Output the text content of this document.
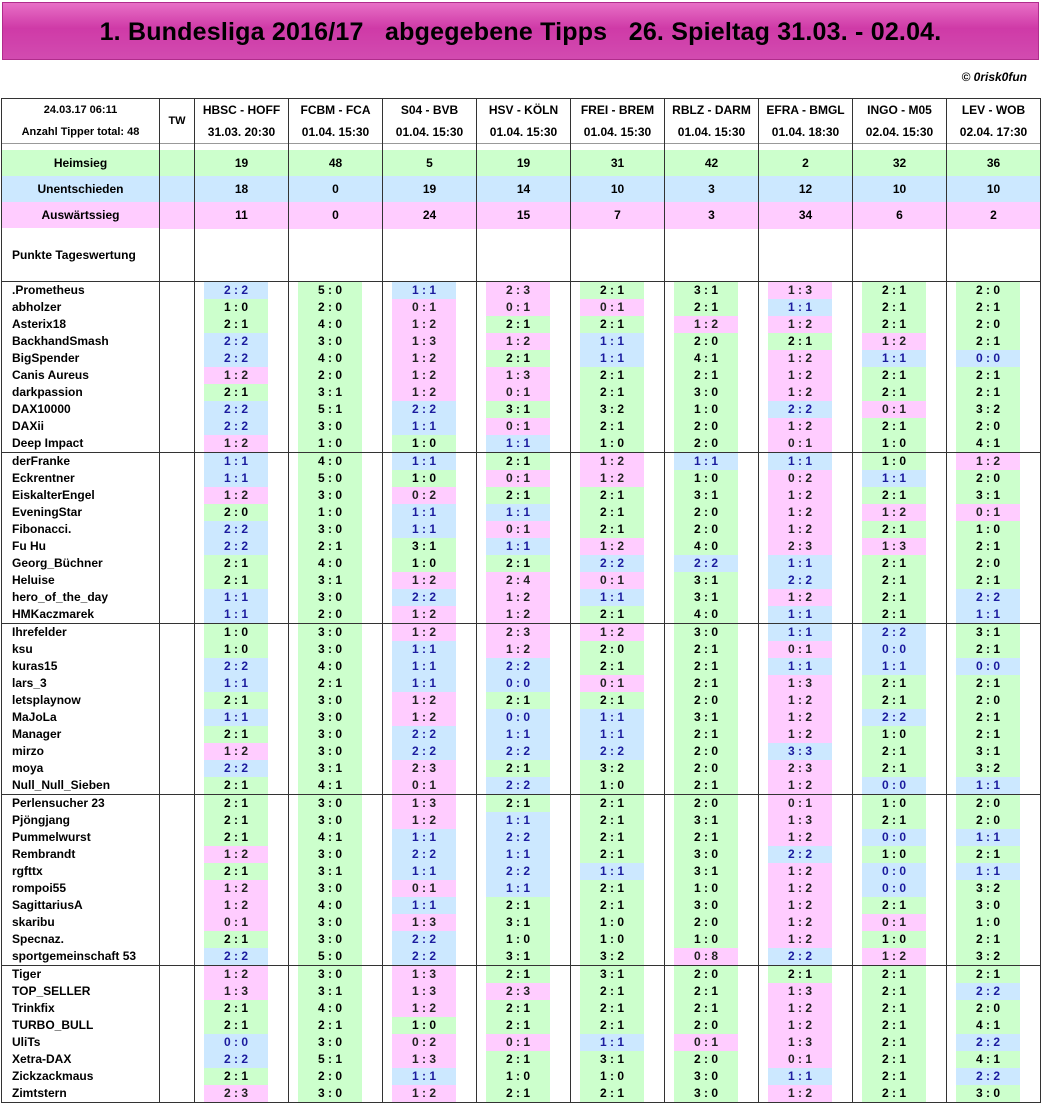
1. Bundesliga 2016/17   abgegebene Tipps   26. Spieltag 31.03. - 02.04.
© 0risk0fun
24.03.17 06:11	TW	HBSC - HOFF	FCBM - FCA	S04 - BVB	HSV - KÖLN	FREI - BREM	RBLZ - DARM	EFRA - BMGL	INGO - M05	LEV - WOB
Anzahl Tipper total: 48		31.03. 20:30	01.04. 15:30	01.04. 15:30	01.04. 15:30	01.04. 15:30	01.04. 15:30	01.04. 18:30	02.04. 15:30	02.04. 17:30

Heimsieg		19	48	5	19	31	42	2	32	36
Unentschieden		18	0	19	14	10	3	12	10	10
Auswärtssieg		11	0	24	15	7	3	34	6	2
Punkte Tageswertung										
.Prometheus		2 : 2	5 : 0	1 : 1	2 : 3	2 : 1	3 : 1	1 : 3	2 : 1	2 : 0

abholzer		1 : 0	2 : 0	0 : 1	0 : 1	0 : 1	2 : 1	1 : 1	2 : 1	2 : 1

Asterix18		2 : 1	4 : 0	1 : 2	2 : 1	2 : 1	1 : 2	1 : 2	2 : 1	2 : 0

BackhandSmash		2 : 2	3 : 0	1 : 3	1 : 2	1 : 1	2 : 0	2 : 1	1 : 2	2 : 1

BigSpender		2 : 2	4 : 0	1 : 2	2 : 1	1 : 1	4 : 1	1 : 2	1 : 1	0 : 0

Canis Aureus		1 : 2	2 : 0	1 : 2	1 : 3	2 : 1	2 : 1	1 : 2	2 : 1	2 : 1

darkpassion		2 : 1	3 : 1	1 : 2	0 : 1	2 : 1	3 : 0	1 : 2	2 : 1	2 : 1

DAX10000		2 : 2	5 : 1	2 : 2	3 : 1	3 : 2	1 : 0	2 : 2	0 : 1	3 : 2

DAXii		2 : 2	3 : 0	1 : 1	0 : 1	2 : 1	2 : 0	1 : 2	2 : 1	2 : 0

Deep Impact		1 : 2	1 : 0	1 : 0	1 : 1	1 : 0	2 : 0	0 : 1	1 : 0	4 : 1

derFranke		1 : 1	4 : 0	1 : 1	2 : 1	1 : 2	1 : 1	1 : 1	1 : 0	1 : 2

Eckrentner		1 : 1	5 : 0	1 : 0	0 : 1	1 : 2	1 : 0	0 : 2	1 : 1	2 : 0

EiskalterEngel		1 : 2	3 : 0	0 : 2	2 : 1	2 : 1	3 : 1	1 : 2	2 : 1	3 : 1

EveningStar		2 : 0	1 : 0	1 : 1	1 : 1	2 : 1	2 : 0	1 : 2	1 : 2	0 : 1

Fibonacci.		2 : 2	3 : 0	1 : 1	0 : 1	2 : 1	2 : 0	1 : 2	2 : 1	1 : 0

Fu Hu		2 : 2	2 : 1	3 : 1	1 : 1	1 : 2	4 : 0	2 : 3	1 : 3	2 : 1

Georg_Büchner		2 : 1	4 : 0	1 : 0	2 : 1	2 : 2	2 : 2	1 : 1	2 : 1	2 : 0

Heluise		2 : 1	3 : 1	1 : 2	2 : 4	0 : 1	3 : 1	2 : 2	2 : 1	2 : 1

hero_of_the_day		1 : 1	3 : 0	2 : 2	1 : 2	1 : 1	3 : 1	1 : 2	2 : 1	2 : 2

HMKaczmarek		1 : 1	2 : 0	1 : 2	1 : 2	2 : 1	4 : 0	1 : 1	2 : 1	1 : 1

Ihrefelder		1 : 0	3 : 0	1 : 2	2 : 3	1 : 2	3 : 0	1 : 1	2 : 2	3 : 1

ksu		1 : 0	3 : 0	1 : 1	1 : 2	2 : 0	2 : 1	0 : 1	0 : 0	2 : 1

kuras15		2 : 2	4 : 0	1 : 1	2 : 2	2 : 1	2 : 1	1 : 1	1 : 1	0 : 0

lars_3		1 : 1	2 : 1	1 : 1	0 : 0	0 : 1	2 : 1	1 : 3	2 : 1	2 : 1

letsplaynow		2 : 1	3 : 0	1 : 2	2 : 1	2 : 1	2 : 0	1 : 2	2 : 1	2 : 0

MaJoLa		1 : 1	3 : 0	1 : 2	0 : 0	1 : 1	3 : 1	1 : 2	2 : 2	2 : 1

Manager		2 : 1	3 : 0	2 : 2	1 : 1	1 : 1	2 : 1	1 : 2	1 : 0	2 : 1

mirzo		1 : 2	3 : 0	2 : 2	2 : 2	2 : 2	2 : 0	3 : 3	2 : 1	3 : 1

moya		2 : 2	3 : 1	2 : 3	2 : 1	3 : 2	2 : 0	2 : 3	2 : 1	3 : 2

Null_Null_Sieben		2 : 1	4 : 1	0 : 1	2 : 2	1 : 0	2 : 1	1 : 2	0 : 0	1 : 1

Perlensucher 23		2 : 1	3 : 0	1 : 3	2 : 1	2 : 1	2 : 0	0 : 1	1 : 0	2 : 0

Pjöngjang		2 : 1	3 : 0	1 : 2	1 : 1	2 : 1	3 : 1	1 : 3	2 : 1	2 : 0

Pummelwurst		2 : 1	4 : 1	1 : 1	2 : 2	2 : 1	2 : 1	1 : 2	0 : 0	1 : 1

Rembrandt		1 : 2	3 : 0	2 : 2	1 : 1	2 : 1	3 : 0	2 : 2	1 : 0	2 : 1

rgfttx		2 : 1	3 : 1	1 : 1	2 : 2	1 : 1	3 : 1	1 : 2	0 : 0	1 : 1

rompoi55		1 : 2	3 : 0	0 : 1	1 : 1	2 : 1	1 : 0	1 : 2	0 : 0	3 : 2

SagittariusA		1 : 2	4 : 0	1 : 1	2 : 1	2 : 1	3 : 0	1 : 2	2 : 1	3 : 0

skaribu		0 : 1	3 : 0	1 : 3	3 : 1	1 : 0	2 : 0	1 : 2	0 : 1	1 : 0

Specnaz.		2 : 1	3 : 0	2 : 2	1 : 0	1 : 0	1 : 0	1 : 2	1 : 0	2 : 1

sportgemeinschaft 53		2 : 2	5 : 0	2 : 2	3 : 1	3 : 2	0 : 8	2 : 2	1 : 2	3 : 2

Tiger		1 : 2	3 : 0	1 : 3	2 : 1	3 : 1	2 : 0	2 : 1	2 : 1	2 : 1

TOP_SELLER		1 : 3	3 : 1	1 : 3	2 : 3	2 : 1	2 : 1	1 : 3	2 : 1	2 : 2

Trinkfix		2 : 1	4 : 0	1 : 2	2 : 1	2 : 1	2 : 1	1 : 2	2 : 1	2 : 0

TURBO_BULL		2 : 1	2 : 1	1 : 0	2 : 1	2 : 1	2 : 0	1 : 2	2 : 1	4 : 1

UliTs		0 : 0	3 : 0	0 : 2	0 : 1	1 : 1	0 : 1	1 : 3	2 : 1	2 : 2

Xetra-DAX		2 : 2	5 : 1	1 : 3	2 : 1	3 : 1	2 : 0	0 : 1	2 : 1	4 : 1

Zickzackmaus		2 : 1	2 : 0	1 : 1	1 : 0	1 : 0	3 : 0	1 : 1	2 : 1	2 : 2

Zimtstern		2 : 3	3 : 0	1 : 2	2 : 1	2 : 1	3 : 0	1 : 2	2 : 1	3 : 0
